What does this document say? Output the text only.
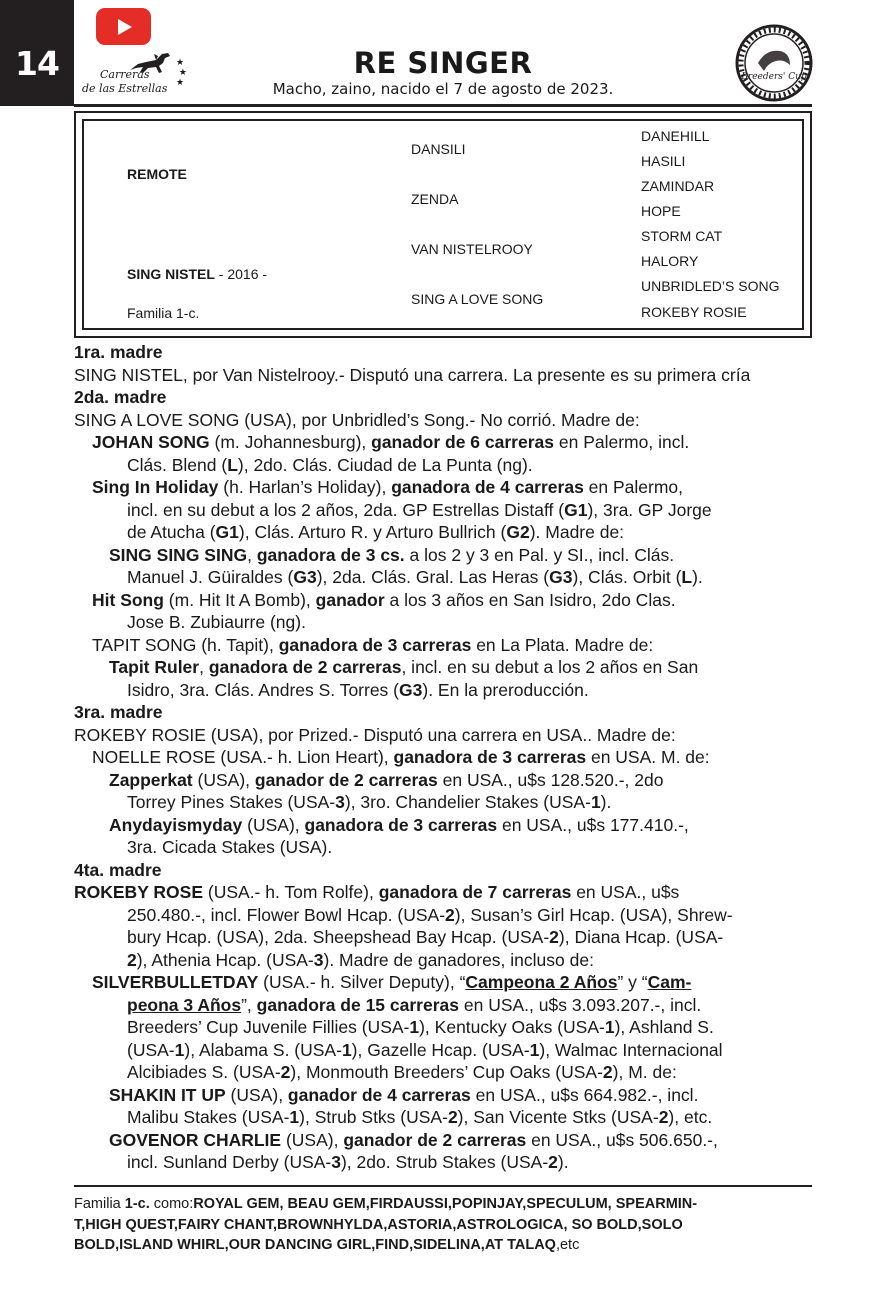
14	Carreras
de las Estrellas
★
★
★
RE SINGER
Macho, zaino, nacido el 7 de agosto de 2023.
Breeders' Cup
REMOTE
SING NISTEL - 2016 -
Familia 1-c.
DANSILI
ZENDA
VAN NISTELROOY
SING A LOVE SONG
DANEHILL
HASILI
ZAMINDAR
HOPE
STORM CAT
HALORY
UNBRIDLED’S SONG
ROKEBY ROSIE
1ra. madre
SING NISTEL, por Van Nistelrooy.- Disputó una carrera. La presente es su primera cría
2da. madre
SING A LOVE SONG (USA), por Unbridled’s Song.- No corrió. Madre de:
JOHAN SONG (m. Johannesburg), ganador de 6 carreras en Palermo, incl.
Clás. Blend (L), 2do. Clás. Ciudad de La Punta (ng).
Sing In Holiday (h. Harlan’s Holiday), ganadora de 4 carreras en Palermo,
incl. en su debut a los 2 años, 2da. GP Estrellas Distaff (G1), 3ra. GP Jorge
de Atucha (G1), Clás. Arturo R. y Arturo Bullrich (G2). Madre de:
SING SING SING, ganadora de 3 cs. a los 2 y 3 en Pal. y SI., incl. Clás.
Manuel J. Güiraldes (G3), 2da. Clás. Gral. Las Heras (G3), Clás. Orbit (L).
Hit Song (m. Hit It A Bomb), ganador a los 3 años en San Isidro, 2do Clas.
Jose B. Zubiaurre (ng).
TAPIT SONG (h. Tapit), ganadora de 3 carreras en La Plata. Madre de:
Tapit Ruler, ganadora de 2 carreras, incl. en su debut a los 2 años en San
Isidro, 3ra. Clás. Andres S. Torres (G3). En la preroducción.
3ra. madre
ROKEBY ROSIE (USA), por Prized.- Disputó una carrera en USA.. Madre de:
NOELLE ROSE (USA.- h. Lion Heart), ganadora de 3 carreras en USA. M. de:
Zapperkat (USA), ganador de 2 carreras en USA., u$s 128.520.-, 2do
Torrey Pines Stakes (USA-3), 3ro. Chandelier Stakes (USA-1).
Anydayismyday (USA), ganadora de 3 carreras en USA., u$s 177.410.-,
3ra. Cicada Stakes (USA).
4ta. madre
ROKEBY ROSE (USA.- h. Tom Rolfe), ganadora de 7 carreras en USA., u$s
250.480.-, incl. Flower Bowl Hcap. (USA-2), Susan’s Girl Hcap. (USA), Shrew-
bury Hcap. (USA), 2da. Sheepshead Bay Hcap. (USA-2), Diana Hcap. (USA-
2), Athenia Hcap. (USA-3). Madre de ganadores, incluso de:
SILVERBULLETDAY (USA.- h. Silver Deputy), “Campeona 2 Años” y “Cam-
peona 3 Años”, ganadora de 15 carreras en USA., u$s 3.093.207.-, incl.
Breeders’ Cup Juvenile Fillies (USA-1), Kentucky Oaks (USA-1), Ashland S.
(USA-1), Alabama S. (USA-1), Gazelle Hcap. (USA-1), Walmac Internacional
Alcibiades S. (USA-2), Monmouth Breeders’ Cup Oaks (USA-2), M. de:
SHAKIN IT UP (USA), ganador de 4 carreras en USA., u$s 664.982.-, incl.
Malibu Stakes (USA-1), Strub Stks (USA-2), San Vicente Stks (USA-2), etc.
GOVENOR CHARLIE (USA), ganador de 2 carreras en USA., u$s 506.650.-,
incl. Sunland Derby (USA-3), 2do. Strub Stakes (USA-2).
Familia 1-c. como:ROYAL GEM, BEAU GEM,FIRDAUSSI,POPINJAY,SPECULUM, SPEARMIN-
T,HIGH QUEST,FAIRY CHANT,BROWNHYLDA,ASTORIA,ASTROLOGICA, SO BOLD,SOLO
BOLD,ISLAND WHIRL,OUR DANCING GIRL,FIND,SIDELINA,AT TALAQ,etc
